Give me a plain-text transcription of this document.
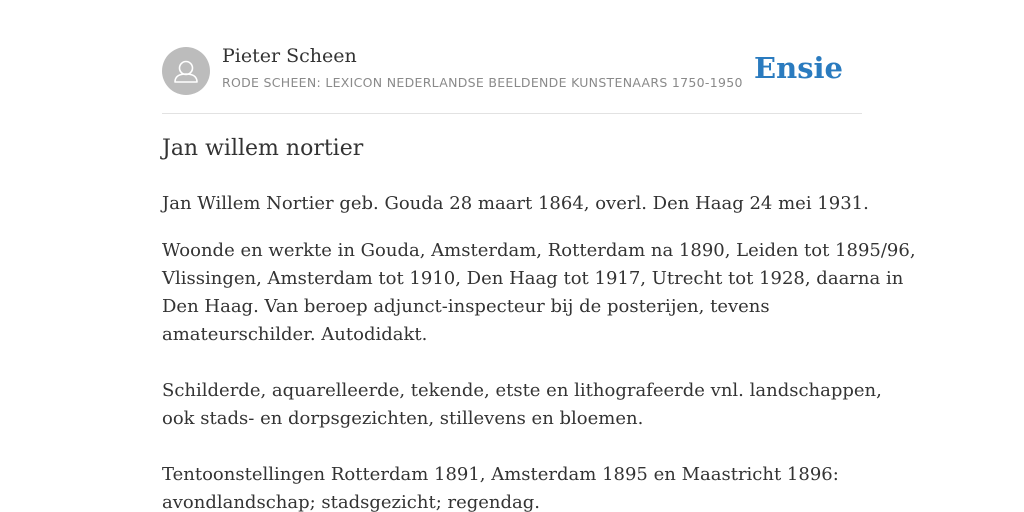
Pieter Scheen
RODE SCHEEN: LEXICON NEDERLANDSE BEELDENDE KUNSTENAARS 1750-1950 Ensie
Jan willem nortier

Jan Willem Nortier geb. Gouda 28 maart 1864, overl. Den Haag 24 mei 1931.

Woonde en werkte in Gouda, Amsterdam, Rotterdam na 1890, Leiden tot 1895/96,
Vlissingen, Amsterdam tot 1910, Den Haag tot 1917, Utrecht tot 1928, daarna in
Den Haag. Van beroep adjunct-inspecteur bij de posterijen, tevens
amateurschilder. Autodidakt.

Schilderde, aquarelleerde, tekende, etste en lithografeerde vnl. landschappen,
ook stads- en dorpsgezichten, stillevens en bloemen.

Tentoonstellingen Rotterdam 1891, Amsterdam 1895 en Maastricht 1896:
avondlandschap; stadsgezicht; regendag.
